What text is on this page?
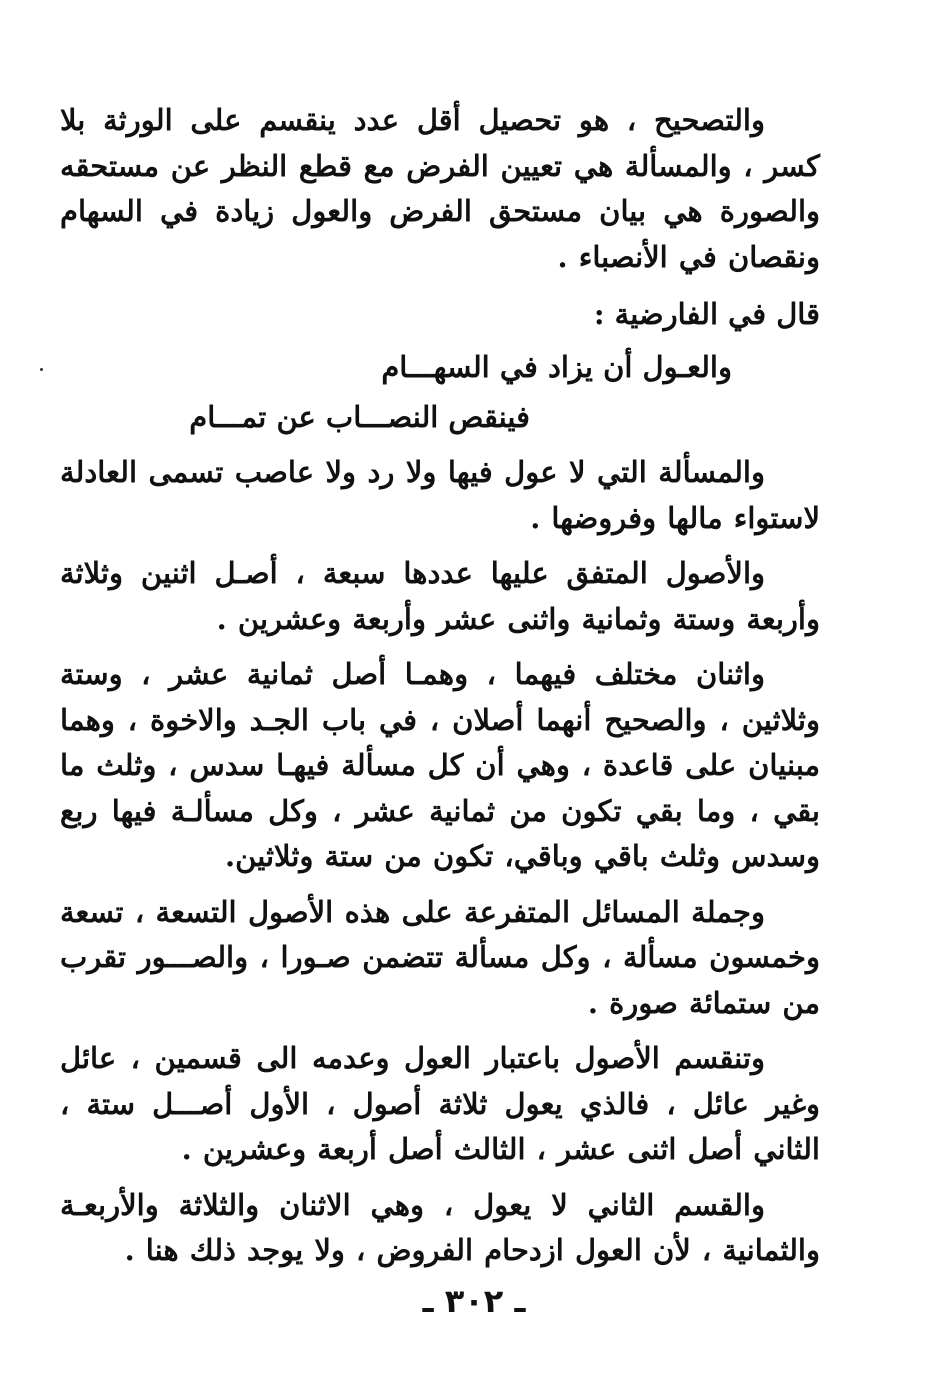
والتصحيح ، هو تحصيل أقل عدد ينقسم على الورثة بلا كسر ، والمسألة هي تعيين الفرض مع قطع النظر عن مستحقه والصورة هي بيان مستحق الفرض والعول زيادة في السهام ونقصان في الأنصباء .

قال في الفارضية :

والعـول أن يزاد في السهـــام
فينقص النصـــاب عن تمـــام

والمسألة التي لا عول فيها ولا رد ولا عاصب تسمى العادلة لاستواء مالها وفروضها .

والأصول المتفق عليها عددها سبعة ، أصـل اثنين وثلاثة وأربعة وستة وثمانية واثنى عشر وأربعة وعشرين .

واثنان مختلف فيهما ، وهمـا أصل ثمانية عشر ، وستة وثلاثين ، والصحيح أنهما أصلان ، في باب الجـد والاخوة ، وهما مبنيان على قاعدة ، وهي أن كل مسألة فيهـا سدس ، وثلث ما بقي ، وما بقي تكون من ثمانية عشر ، وكل مسألـة فيها ربع وسدس وثلث باقي وباقي، تكون من ستة وثلاثين.

وجملة المسائل المتفرعة على هذه الأصول التسعة ، تسعة وخمسون مسألة ، وكل مسألة تتضمن صـورا ، والصـــور تقرب من ستمائة صورة .

وتنقسم الأصول باعتبار العول وعدمه الى قسمين ، عائل وغير عائل ، فالذي يعول ثلاثة أصول ، الأول أصـــل ستة ، الثاني أصل اثنى عشر ، الثالث أصل أربعة وعشرين .

والقسم الثاني لا يعول ، وهي الاثنان والثلاثة والأربعـة والثمانية ، لأن العول ازدحام الفروض ، ولا يوجد ذلك هنا .

ـ ٣٠٢ ـ
